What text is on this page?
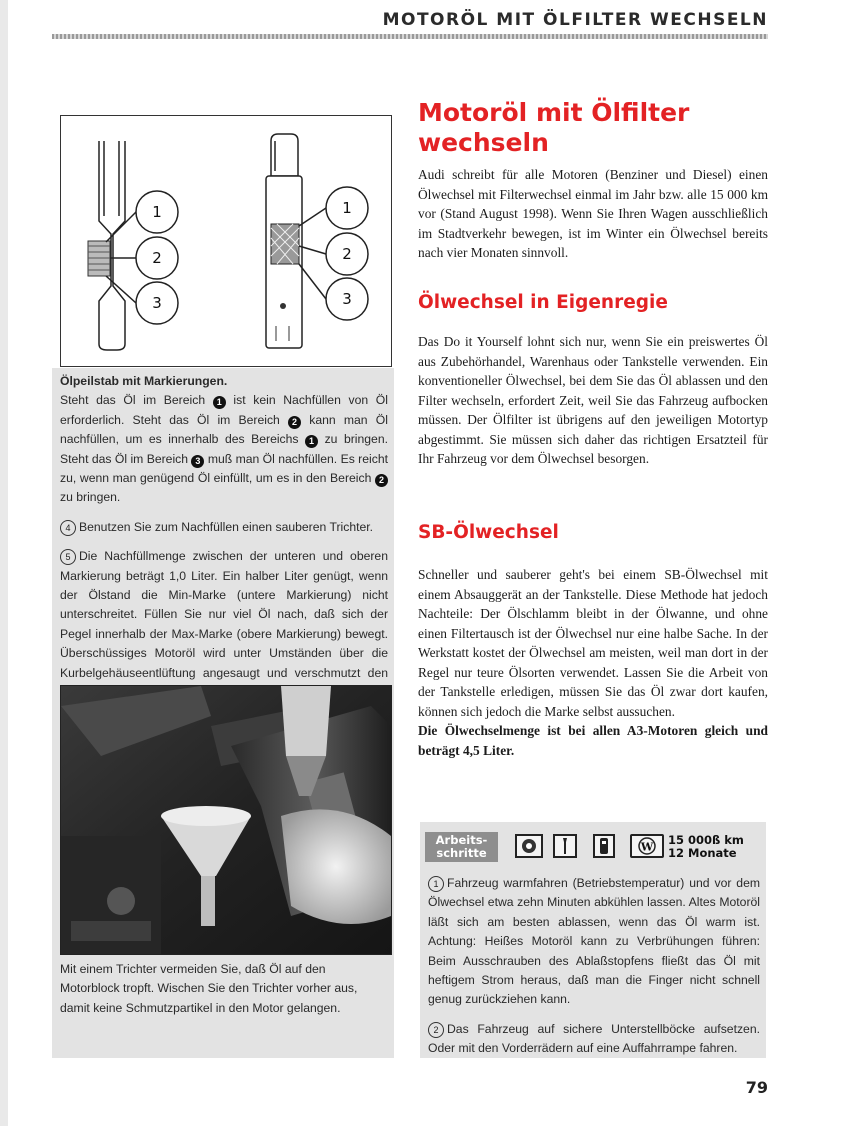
MOTORÖL MIT ÖLFILTER WECHSELN
1
2
3
1
2
3

Ölpeilstab mit Markierungen.
Steht das Öl im Bereich 1 ist kein Nachfüllen von Öl erforderlich. Steht das Öl im Bereich 2 kann man Öl nachfüllen, um es innerhalb des Bereichs 1 zu bringen. Steht das Öl im Bereich 3 muß man Öl nachfüllen. Es reicht zu, wenn man genügend Öl einfüllt, um es in den Bereich 2 zu bringen.

4 Benutzen Sie zum Nachfüllen einen sauberen Trichter.

5 Die Nachfüllmenge zwischen der unteren und oberen Markierung beträgt 1,0 Liter. Ein halber Liter genügt, wenn der Ölstand die Min-Marke (untere Markierung) nicht unterschreitet. Füllen Sie nur viel Öl nach, daß sich der Pegel innerhalb der Max-Marke (obere Markierung) bewegt. Überschüssiges Motoröl wird unter Umständen über die Kurbelgehäuseentlüftung angesaugt und verschmutzt den

Mit einem Trichter vermeiden Sie, daß Öl auf den Motorblock tropft. Wischen Sie den Trichter vorher aus, damit keine Schmutzpartikel in den Motor gelangen.
Motoröl mit Ölfilter wechseln
Audi schreibt für alle Motoren (Benziner und Diesel) einen Ölwechsel mit Filterwechsel einmal im Jahr bzw. alle 15 000 km vor (Stand August 1998). Wenn Sie Ihren Wagen ausschließlich im Stadtverkehr bewegen, ist im Winter ein Ölwechsel bereits nach vier Monaten sinnvoll.
Ölwechsel in Eigenregie
Das Do it Yourself lohnt sich nur, wenn Sie ein preiswertes Öl aus Zubehörhandel, Warenhaus oder Tankstelle verwenden. Ein konventioneller Ölwechsel, bei dem Sie das Öl ablassen und den Filter wechseln, erfordert Zeit, weil Sie das Fahrzeug aufbocken müssen. Der Ölfilter ist übrigens auf den jeweiligen Motortyp abgestimmt. Sie müssen sich daher das richtigen Ersatzteil für Ihr Fahrzeug vor dem Ölwechsel besorgen.
SB-Ölwechsel
Schneller und sauberer geht's bei einem SB-Ölwechsel mit einem Absauggerät an der Tankstelle. Diese Methode hat jedoch Nachteile: Der Ölschlamm bleibt in der Ölwanne, und ohne einen Filtertausch ist der Ölwechsel nur eine halbe Sache. In der Werkstatt kostet der Ölwechsel am meisten, weil man dort in der Regel nur teure Ölsorten verwendet. Lassen Sie die Arbeit von der Tankstelle erledigen, müssen Sie das Öl zwar dort kaufen, können sich jedoch die Marke selbst aussuchen.
Die Ölwechselmenge ist bei allen A3-Motoren gleich und beträgt 4,5 Liter.
Arbeits-
schritte	W 15 000ß km
12 Monate

1 Fahrzeug warmfahren (Betriebstemperatur) und vor dem Ölwechsel etwa zehn Minuten abkühlen lassen. Altes Motoröl läßt sich am besten ablassen, wenn das Öl warm ist. Achtung: Heißes Motoröl kann zu Verbrühungen führen: Beim Ausschrauben des Ablaßstopfens fließt das Öl mit heftigem Strom heraus, daß man die Finger nicht schnell genug zurückziehen kann.

2 Das Fahrzeug auf sichere Unterstellböcke aufsetzen. Oder mit den Vorderrädern auf eine Auffahrrampe fahren.

79
